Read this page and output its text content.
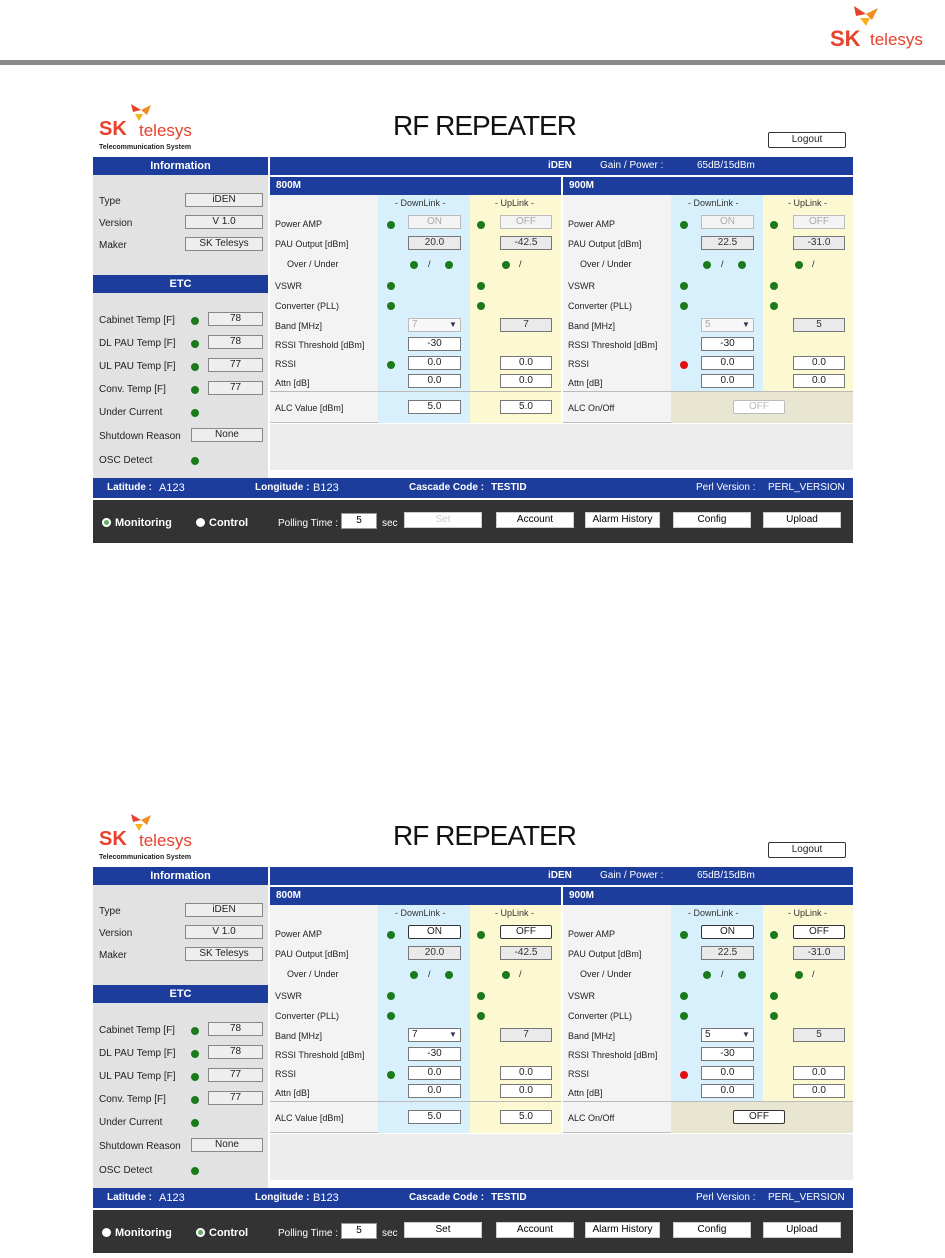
SK telesys
SK telesys
Telecommunication System
RF REPEATER	Logout
Information
Type	iDEN
Version	V 1.0
Maker	SK Telesys
ETC
Cabinet Temp [F]	78
DL PAU Temp [F]	78
UL PAU Temp [F]	77
Conv. Temp [F]	77
Under Current
Shutdown Reason	None
OSC Detect
iDEN	Gain / Power :	65dB/15dBm
800M
- DownLink -	- UpLink -
Power AMP	ON	OFF
PAU Output [dBm]	20.0	-42.5
Over / Under	/	/
VSWR
Converter (PLL)
Band [MHz]	7	▼	7
RSSI Threshold [dBm]	-30
RSSI	0.0	0.0
Attn [dB]	0.0	0.0
ALC Value [dBm]	5.0	5.0
900M
- DownLink -	- UpLink -
Power AMP	ON	OFF
PAU Output [dBm]	22.5	-31.0
Over / Under	/	/
VSWR
Converter (PLL)
Band [MHz]	5	▼	5
RSSI Threshold [dBm]	-30
RSSI	0.0	0.0
Attn [dB]	0.0	0.0
ALC On/Off	OFF
Latitude : A123	Longitude : B123	Cascade Code : TESTID	Perl Version : PERL_VERSION
Monitoring	Control	Polling Time :	5	sec	Set	Account	Alarm History	Config	Upload
SK telesys
Telecommunication System
RF REPEATER	Logout
Information
Type	iDEN
Version	V 1.0
Maker	SK Telesys
ETC
Cabinet Temp [F]	78
DL PAU Temp [F]	78
UL PAU Temp [F]	77
Conv. Temp [F]	77
Under Current
Shutdown Reason	None
OSC Detect
iDEN	Gain / Power :	65dB/15dBm
800M
- DownLink -	- UpLink -
Power AMP	ON	OFF
PAU Output [dBm]	20.0	-42.5
Over / Under	/	/
VSWR
Converter (PLL)
Band [MHz]	7	▼	7
RSSI Threshold [dBm]	-30
RSSI	0.0	0.0
Attn [dB]	0.0	0.0
ALC Value [dBm]	5.0	5.0
900M
- DownLink -	- UpLink -
Power AMP	ON	OFF
PAU Output [dBm]	22.5	-31.0
Over / Under	/	/
VSWR
Converter (PLL)
Band [MHz]	5	▼	5
RSSI Threshold [dBm]	-30
RSSI	0.0	0.0
Attn [dB]	0.0	0.0
ALC On/Off	OFF
Latitude : A123	Longitude : B123	Cascade Code : TESTID	Perl Version : PERL_VERSION
Monitoring	Control	Polling Time :	5	sec	Set	Account	Alarm History	Config	Upload
